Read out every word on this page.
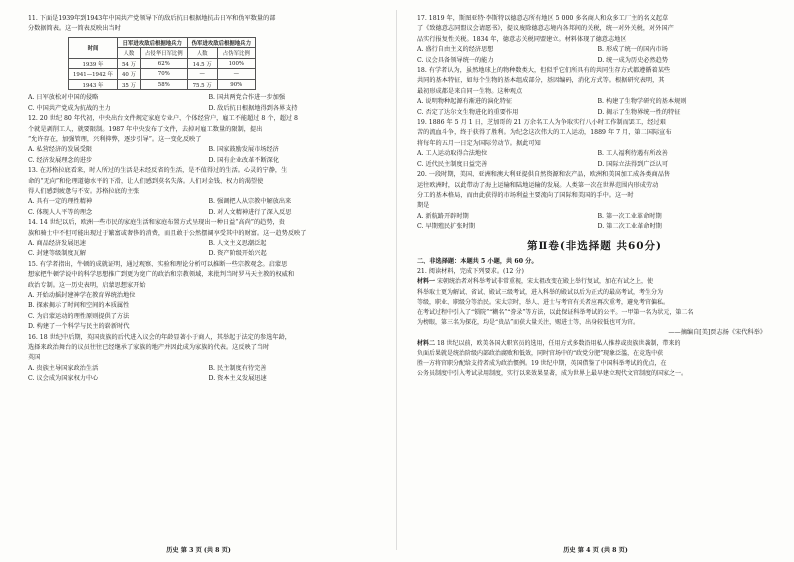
11. 下面是1939年到1943年中国共产党领导下的敌后抗日根据地抗击日军和伪军数量的部

分数据简表。这一简表反映出当时

时间	日军进攻敌后根据地兵力		伪军进攻敌后根据地兵力	
	人数	占侵华日军比例	人数	占伪军比例
1939 年	54 万	62%	14.5 万	100%
1941—1942 年	40 万	70%	—	—
1943 年	35 万	58%	75.5 万	90%
A. 日军放松对中国的侵略	B. 国共两党合作进一步加强
C. 中国共产党成为抗战的主力	D. 敌后抗日根据地得到各界支持

12. 20 世纪 80 年代初，中央出台文件规定家庭专业户、个体经营户，雇工不能超过 8 个，超过 8

个就是剥削工人，就要限制。1987 年中央发布了文件，去掉对雇工数量的限制，提出

“允许存在，加强管理，兴利抑弊，逐步引导”。这一变化反映了

A. 私营经济的发展受限	B. 国家鼓励发展市场经济
C. 经济发展理念的进步	D. 国有企业改革不断深化

13. 在苏格拉底看来，时人所过的生活是未经反省的生活，是不值得过的生活。心灵的宁静，生

命的“无向”和伦理道德水平的下滑，让人们感到莫名失落。人们对金钱、权力的渴望使

得人们感到疲惫与不安。苏格拉底的主张

A. 具有一定的理性精神	B. 强调把人从宗教中解放出来
C. 体现人人平等的理念	D. 对人文精神进行了深入反思

14. 14 世纪以后，欧洲一些市民的家庭生活和家庭布置方式呈现出一种日益“高尚”的趋势，贵

族和骑士中不但可能出现过于繁富或奢侈的消费，而且敢于公然摆阔享受其中的财富。这一趋势反映了

A. 商品经济发展迅速	B. 人文主义思潮泛起
C. 封建等级制度瓦解	D. 资产阶级开始兴起

15. 有学者指出，牛顿的成就证明，通过观察、实验和理论分析可以推断一些宗教观念。启蒙思

想家把牛顿学说中的科学思想推广到更为宽广的政治和宗教领域，来批判当时罗马天主教的权威和

政治专制。这一历史表明，启蒙思想家开始

A. 开始动摇封建神学在教育界统治地位
B. 探索揭示了时间和空间的本质属性
C. 为启蒙运动的理性原则提供了方法
D. 构建了一个科学与民主的崭新时代

16. 18 世纪中后期，英国贵族的后代进入议会的年龄显著小于商人，其举起于法定的参选年龄，

选择来政治舞台的议员往往已经继承了家族的地产并因此成为家族的代表。这反映了当时

英国

A. 贵族主导国家政治生活	B. 民主制度有待完善
C. 议会成为国家权力中心	D. 资本主义发展迅速
历史 第 3 页 (共 8 页)

17. 1819 年，斯图亚特·李斯特以德意志所有地区 5 000 多名商人和众多工厂主的名义起草

了《致德意志同盟议会请愿书》，提议废除德意志境内各邦间的关税，统一对外关税，对外国产

品实行报复性关税。1834 年，德意志关税同盟建立。材料体现了德意志地区

A. 盛行自由主义的经济思想	B. 形成了统一的国内市场
C. 议会具备领导统一的能力	D. 统一成为历史必然趋势

18. 有学者认为，虽然地球上的物种数类大，但似乎它们所具有的共同生存方式都遵循着某些

共同的基本特征，如每个生物的基本组成部分，基因编码，消化方式等。根据研究表明，其

最初形成都是来自同一生物。这种观点

A. 说明物种起源有渐进的演化特征	B. 构建了生物学研究的基本规则
C. 否定了达尔文生物进化的重要作用	D. 揭示了生物界统一性的特征

19. 1886 年 5 月 1 日，芝加哥的 21 万余名工人为争取实行八小时工作制而罢工，经过艰

苦的流血斗争，终于获得了胜利。为纪念这次伟大的工人运动，1889 年 7 月，第二国际宣布

将每年的五月一日定为国际劳动节。据此可知

A. 工人运动取得合法地位	B. 工人福利待遇有所改善
C. 近代民主制度日益完善	D. 国际立法得到广泛认可

20. 一段时期，美国、亚洲和澳大利亚提供自然资源和农产品，欧洲和美国加工成各类商品售

运往欧洲时，以此带动了海上运输和陆地运输的发展。人类第一次在世界范围内形成劳动

分工的基本格局，而由此获得的市场利益主要流向了国际和美国的手中。这一时

期是

A. 新航路开辟时期	B. 第一次工业革命时期
C. 早期殖民扩张时期	D. 第二次工业革命时期
第Ⅱ卷(非选择题 共60分)
二、非选择题：本题共 5 小题，共 60 分。

21. 阅读材料，完成下列要求。(12 分)

材料一 宋朝统治者对科举考试非常重视，宋太祖改变在殿上举行复试，加在有试之上，使

科举取士更为解试、省试、殿试三级考试，进入科举的殿试以后为正式的最高考试，考生分为

等级，职业、职级分等治民。宋太宗时，举人、进士与考官有关者应再次重考，避免考官偏私。

在考试过程中引入了“锁院”“糊名”“誊录”等方法，以此保证科举考试的公平。一甲第一名为状元，第二名

为榜眼，第三名为探花，均是“贵品”而获大量关注，赐进士等，出身较低也可为官。

——摘编自[美]贾志扬《宋代科举》

材料二 18 世纪以前，欧美各国大职官员的选用，任用方式多数沿用私人推荐或贵族世袭制，带来的

负面后果就是统治阶级内部政治腐败和低效，同时官场中的“政党分肥”现象泛滥，在竞选中获

胜一方将官职分配给支持者成为政治惯例。19 世纪中期，英国借鉴了中国科举考试的优点，在

公务员制度中引入考试录用制度，实行以来效果显著，成为世界上最早建立现代文官制度的国家之一。

历史 第 4 页 (共 8 页)
